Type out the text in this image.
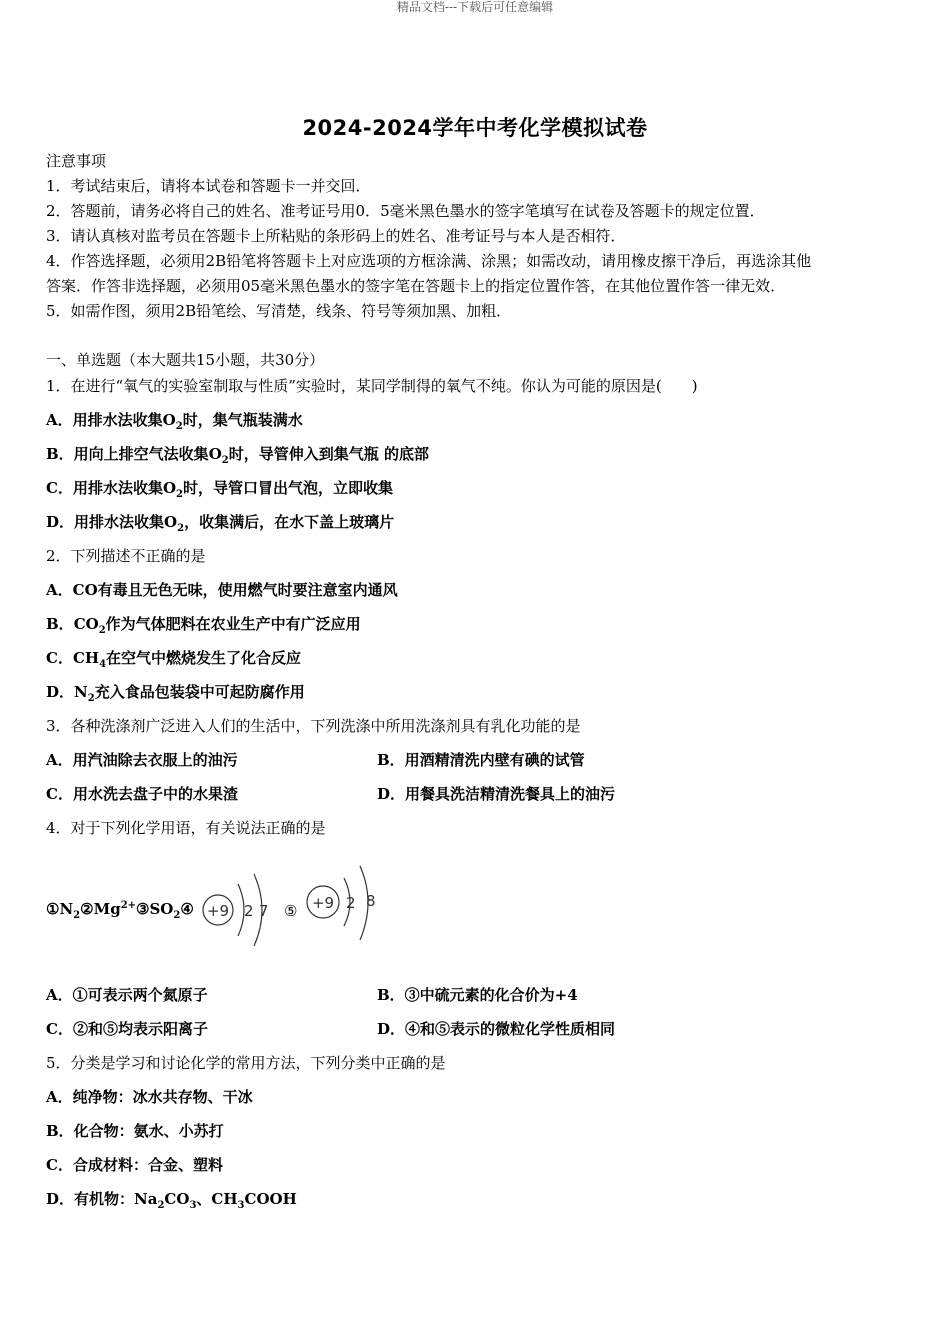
精品文档---下载后可任意编辑
2024-2024学年中考化学模拟试卷
注意事项
1．考试结束后，请将本试卷和答题卡一并交回．
2．答题前，请务必将自己的姓名、准考证号用0．5毫米黑色墨水的签字笔填写在试卷及答题卡的规定位置．
3．请认真核对监考员在答题卡上所粘贴的条形码上的姓名、准考证号与本人是否相符．
4．作答选择题，必须用2B铅笔将答题卡上对应选项的方框涂满、涂黑；如需改动，请用橡皮擦干净后，再选涂其他
答案．作答非选择题，必须用05毫米黑色墨水的签字笔在答题卡上的指定位置作答，在其他位置作答一律无效．
5．如需作图，须用2B铅笔绘、写清楚，线条、符号等须加黑、加粗．
一、单选题（本大题共15小题，共30分）
1．在进行“氧气的实验室制取与性质”实验时，某同学制得的氧气不纯。你认为可能的原因是(　　)
A．用排水法收集$O_2$时，集气瓶装满水
B．用向上排空气法收集$O_2$时，导管伸入到集气瓶 的底部
C．用排水法收集$O_2$时，导管口冒出气泡，立即收集
D．用排水法收集$O_2$，收集满后，在水下盖上玻璃片
2．下列描述不正确的是
A．CO有毒且无色无味，使用燃气时要注意室内通风
B．$CO_2$作为气体肥料在农业生产中有广泛应用
C．$CH_4$在空气中燃烧发生了化合反应
D．$N_2$充入食品包装袋中可起防腐作用
3．各种洗涤剂广泛进入人们的生活中，下列洗涤中所用洗涤剂具有乳化功能的是
A．用汽油除去衣服上的油污	B．用酒精清洗内壁有碘的试管
C．用水洗去盘子中的水果渣	D．用餐具洗洁精清洗餐具上的油污
4．对于下列化学用语，有关说法正确的是
$①N_2②Mg^{2+}③SO_2④ +9$ 2 7 ⑤ +9 2 8
A．①可表示两个氮原子	B．③中硫元素的化合价为+4
C．②和⑤均表示阳离子	D．④和⑤表示的微粒化学性质相同
5．分类是学习和讨论化学的常用方法，下列分类中正确的是
A．纯净物：冰水共存物、干冰
B．化合物：氨水、小苏打
C．合成材料：合金、塑料
D．有机物：$Na_2CO_3$、$CH_3COOH$
